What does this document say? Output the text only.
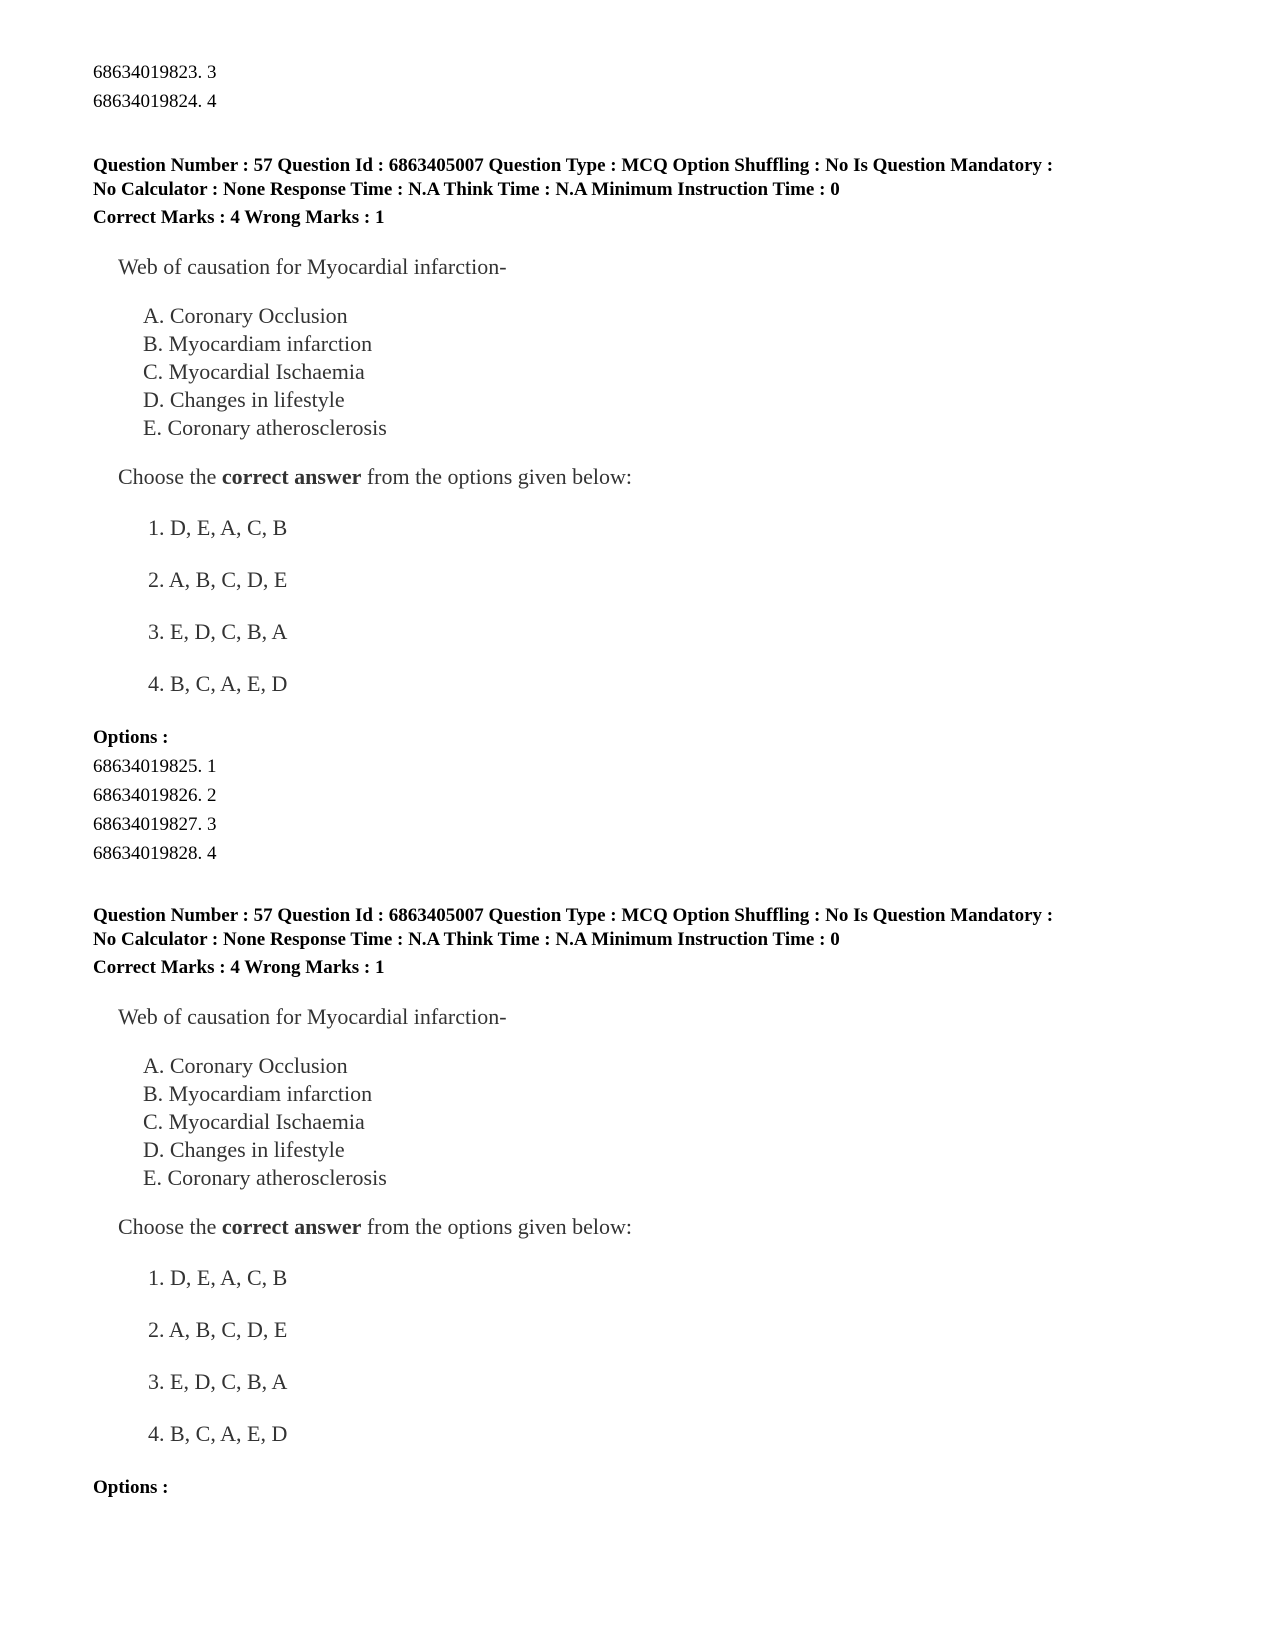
68634019823. 3
68634019824. 4
Question Number : 57 Question Id : 6863405007 Question Type : MCQ Option Shuffling : No Is Question Mandatory :
No Calculator : None Response Time : N.A Think Time : N.A Minimum Instruction Time : 0
Correct Marks : 4 Wrong Marks : 1
Web of causation for Myocardial infarction-
A. Coronary Occlusion
B. Myocardiam infarction
C. Myocardial Ischaemia
D. Changes in lifestyle
E. Coronary atherosclerosis
Choose the correct answer from the options given below:
1. D, E, A, C, B
2. A, B, C, D, E
3. E, D, C, B, A
4. B, C, A, E, D
Options :
68634019825. 1
68634019826. 2
68634019827. 3
68634019828. 4
Question Number : 57 Question Id : 6863405007 Question Type : MCQ Option Shuffling : No Is Question Mandatory :
No Calculator : None Response Time : N.A Think Time : N.A Minimum Instruction Time : 0
Correct Marks : 4 Wrong Marks : 1
Web of causation for Myocardial infarction-
A. Coronary Occlusion
B. Myocardiam infarction
C. Myocardial Ischaemia
D. Changes in lifestyle
E. Coronary atherosclerosis
Choose the correct answer from the options given below:
1. D, E, A, C, B
2. A, B, C, D, E
3. E, D, C, B, A
4. B, C, A, E, D
Options :
